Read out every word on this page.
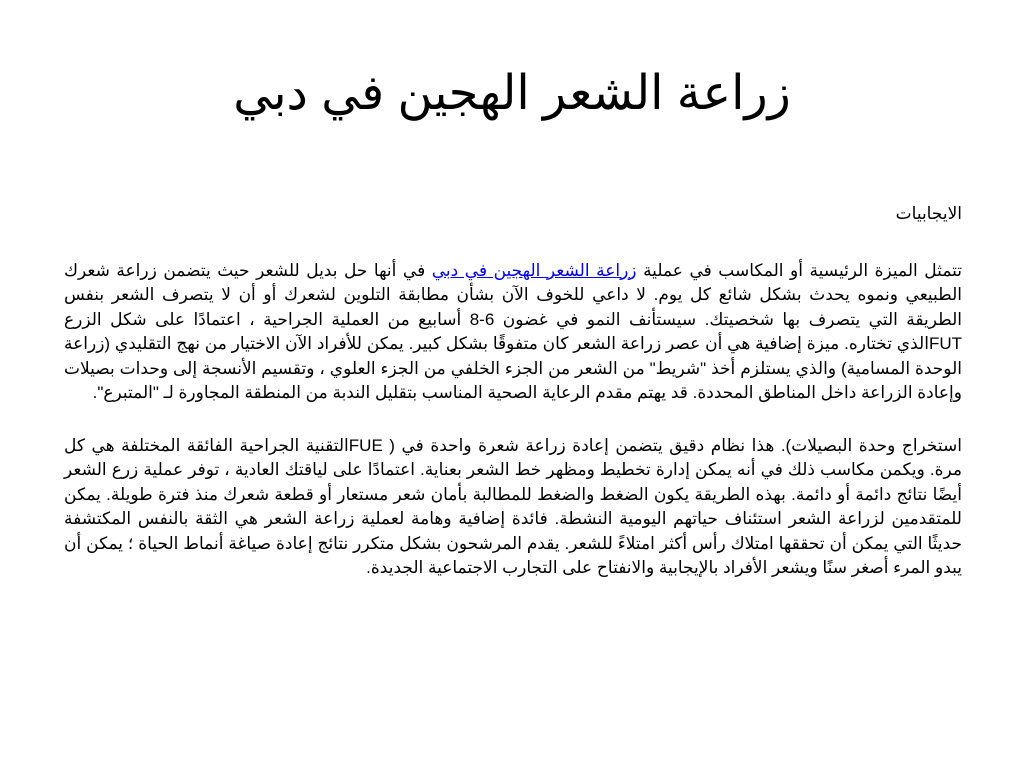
زراعة الشعر الهجين في دبي

الايجابيات

تتمثل الميزة الرئيسية أو المكاسب في عملية زراعة الشعر الهجين في دبي في أنها حل بديل للشعر حيث يتضمن زراعة شعرك الطبيعي ونموه يحدث بشكل شائع كل يوم. لا داعي للخوف الآن بشأن مطابقة التلوين لشعرك أو أن لا يتصرف الشعر بنفس الطريقة التي يتصرف بها شخصيتك. سيستأنف النمو في غضون 6-8 أسابيع من العملية الجراحية ، اعتمادًا على شكل الزرع FUTالذي تختاره. ميزة إضافية هي أن عصر زراعة الشعر كان متفوقًا بشكل كبير. يمكن للأفراد الآن الاختيار من نهج التقليدي (زراعة الوحدة المسامية) والذي يستلزم أخذ "شريط" من الشعر من الجزء الخلفي من الجزء العلوي ، وتقسيم الأنسجة إلى وحدات بصيلات وإعادة الزراعة داخل المناطق المحددة. قد يهتم مقدم الرعاية الصحية المناسب بتقليل الندبة من المنطقة المجاورة لـ "المتبرع".

استخراج وحدة البصيلات). هذا نظام دقيق يتضمن إعادة زراعة شعرة واحدة في ( FUEالتقنية الجراحية الفائقة المختلفة هي كل مرة. ويكمن مكاسب ذلك في أنه يمكن إدارة تخطيط ومظهر خط الشعر بعناية. اعتمادًا على لياقتك العادية ، توفر عملية زرع الشعر أيضًا نتائج دائمة أو دائمة. بهذه الطريقة يكون الضغط والضغط للمطالبة بأمان شعر مستعار أو قطعة شعرك منذ فترة طويلة. يمكن للمتقدمين لزراعة الشعر استئناف حياتهم اليومية النشطة. فائدة إضافية وهامة لعملية زراعة الشعر هي الثقة بالنفس المكتشفة حديثًا التي يمكن أن تحققها امتلاك رأس أكثر امتلاءً للشعر. يقدم المرشحون بشكل متكرر نتائج إعادة صياغة أنماط الحياة ؛ يمكن أن يبدو المرء أصغر سنًا ويشعر الأفراد بالإيجابية والانفتاح على التجارب الاجتماعية الجديدة.
